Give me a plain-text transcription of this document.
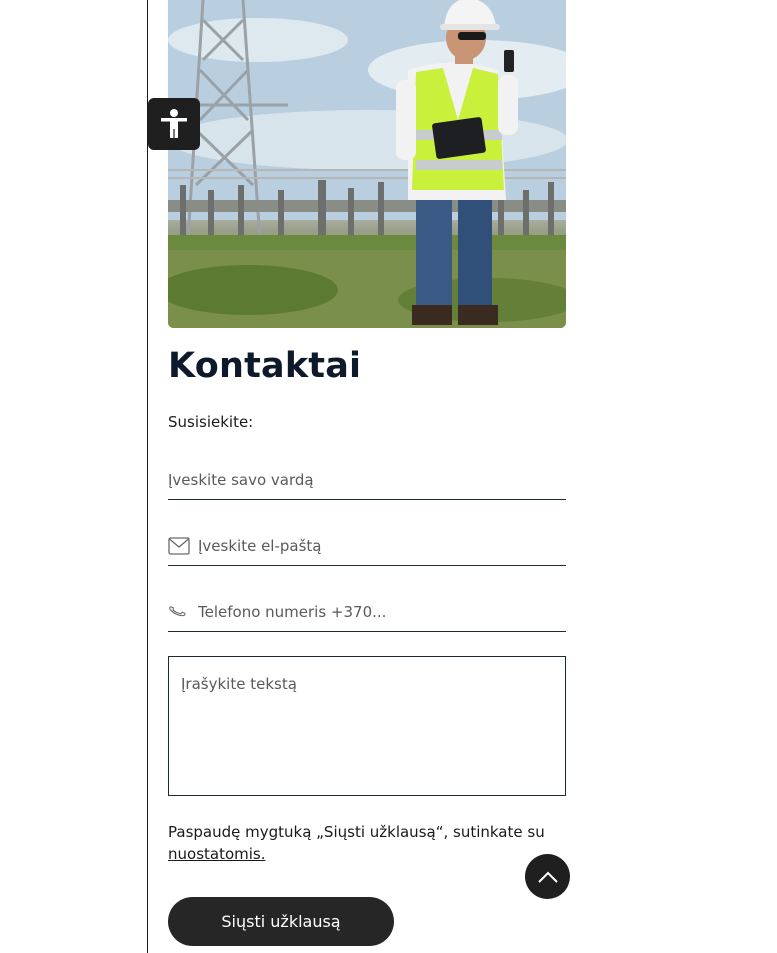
Kontaktai

Susisiekite:

Įveskite savo vardą
Įveskite el-paštą
Telefono numeris +370...
Įrašykite tekstą

Paspaudę mygtuką „Siųsti užklausą“, sutinkate su
nuostatomis.

Siųsti užklausą
